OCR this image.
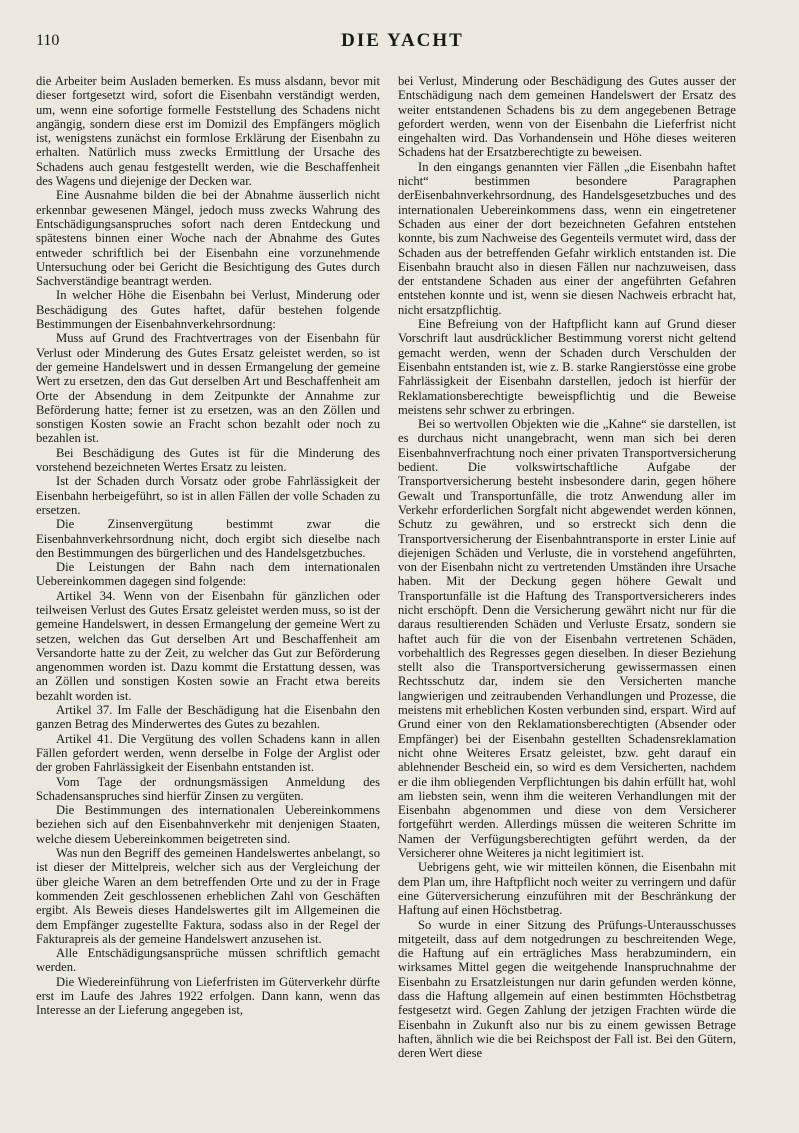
110	DIE YACHT

die Arbeiter beim Ausladen bemerken. Es muss alsdann, bevor mit dieser fortgesetzt wird, sofort die Eisenbahn verständigt werden, um, wenn eine sofortige formelle Feststellung des Schadens nicht angängig, sondern diese erst im Domizil des Empfängers möglich ist, wenigstens zunächst ein formlose Erklärung der Eisenbahn zu erhalten. Natürlich muss zwecks Ermittlung der Ursache des Schadens auch genau festgestellt werden, wie die Beschaffenheit des Wagens und diejenige der Decken war.

Eine Ausnahme bilden die bei der Abnahme äusserlich nicht erkennbar gewesenen Mängel, jedoch muss zwecks Wahrung des Entschädigungsanspruches sofort nach deren Entdeckung und spätestens binnen einer Woche nach der Abnahme des Gutes entweder schriftlich bei der Eisenbahn eine vorzunehmende Untersuchung oder bei Gericht die Besichtigung des Gutes durch Sachverständige beantragt werden.

In welcher Höhe die Eisenbahn bei Verlust, Minderung oder Beschädigung des Gutes haftet, dafür bestehen folgende Bestimmungen der Eisenbahnverkehrsordnung:

Muss auf Grund des Frachtvertrages von der Eisenbahn für Verlust oder Minderung des Gutes Ersatz geleistet werden, so ist der gemeine Handelswert und in dessen Ermangelung der gemeine Wert zu ersetzen, den das Gut derselben Art und Beschaffenheit am Orte der Absendung in dem Zeitpunkte der Annahme zur Beförderung hatte; ferner ist zu ersetzen, was an den Zöllen und sonstigen Kosten sowie an Fracht schon bezahlt oder noch zu bezahlen ist.

Bei Beschädigung des Gutes ist für die Minderung des vorstehend bezeichneten Wertes Ersatz zu leisten.

Ist der Schaden durch Vorsatz oder grobe Fahrlässigkeit der Eisenbahn herbeigeführt, so ist in allen Fällen der volle Schaden zu ersetzen.

Die Zinsenvergütung bestimmt zwar die Eisenbahnverkehrsordnung nicht, doch ergibt sich dieselbe nach den Bestimmungen des bürgerlichen und des Handelsgetzbuches.

Die Leistungen der Bahn nach dem internationalen Uebereinkommen dagegen sind folgende:

Artikel 34. Wenn von der Eisenbahn für gänzlichen oder teilweisen Verlust des Gutes Ersatz geleistet werden muss, so ist der gemeine Handelswert, in dessen Ermangelung der gemeine Wert zu setzen, welchen das Gut derselben Art und Beschaffenheit am Versandorte hatte zu der Zeit, zu welcher das Gut zur Beförderung angenommen worden ist. Dazu kommt die Erstattung dessen, was an Zöllen und sonstigen Kosten sowie an Fracht etwa bereits bezahlt worden ist.

Artikel 37. Im Falle der Beschädigung hat die Eisenbahn den ganzen Betrag des Minderwertes des Gutes zu bezahlen.

Artikel 41. Die Vergütung des vollen Schadens kann in allen Fällen gefordert werden, wenn derselbe in Folge der Arglist oder der groben Fahrlässigkeit der Eisenbahn entstanden ist.

Vom Tage der ordnungsmässigen Anmeldung des Schadensanspruches sind hierfür Zinsen zu vergüten.

Die Bestimmungen des internationalen Uebereinkommens beziehen sich auf den Eisenbahnverkehr mit denjenigen Staaten, welche diesem Uebereinkommen beigetreten sind.

Was nun den Begriff des gemeinen Handelswertes anbelangt, so ist dieser der Mittelpreis, welcher sich aus der Vergleichung der über gleiche Waren an dem betreffenden Orte und zu der in Frage kommenden Zeit geschlossenen erheblichen Zahl von Geschäften ergibt. Als Beweis dieses Handelswertes gilt im Allgemeinen die dem Empfänger zugestellte Faktura, sodass also in der Regel der Fakturapreis als der gemeine Handelswert anzusehen ist.

Alle Entschädigungsansprüche müssen schriftlich gemacht werden.

Die Wiedereinführung von Lieferfristen im Güterverkehr dürfte erst im Laufe des Jahres 1922 erfolgen. Dann kann, wenn das Interesse an der Lieferung angegeben ist,

bei Verlust, Minderung oder Beschädigung des Gutes ausser der Entschädigung nach dem gemeinen Handelswert der Ersatz des weiter entstandenen Schadens bis zu dem angegebenen Betrage gefordert werden, wenn von der Eisenbahn die Lieferfrist nicht eingehalten wird. Das Vorhandensein und Höhe dieses weiteren Schadens hat der Ersatzberechtigte zu beweisen.

In den eingangs genannten vier Fällen „die Eisenbahn haftet nicht“ bestimmen besondere Paragraphen derEisenbahnverkehrsordnung, des Handelsgesetzbuches und des internationalen Uebereinkommens dass, wenn ein eingetretener Schaden aus einer der dort bezeichneten Gefahren entstehen konnte, bis zum Nachweise des Gegenteils vermutet wird, dass der Schaden aus der betreffenden Gefahr wirklich entstanden ist. Die Eisenbahn braucht also in diesen Fällen nur nachzuweisen, dass der entstandene Schaden aus einer der angeführten Gefahren entstehen konnte und ist, wenn sie diesen Nachweis erbracht hat, nicht ersatzpflichtig.

Eine Befreiung von der Haftpflicht kann auf Grund dieser Vorschrift laut ausdrücklicher Bestimmung vorerst nicht geltend gemacht werden, wenn der Schaden durch Verschulden der Eisenbahn entstanden ist, wie z. B. starke Rangierstösse eine grobe Fahrlässigkeit der Eisenbahn darstellen, jedoch ist hierfür der Reklamationsberechtigte beweispflichtig und die Beweise meistens sehr schwer zu erbringen.

Bei so wertvollen Objekten wie die „Kahne“ sie darstellen, ist es durchaus nicht unangebracht, wenn man sich bei deren Eisenbahnverfrachtung noch einer privaten Transportversicherung bedient. Die volkswirtschaftliche Aufgabe der Transportversicherung besteht insbesondere darin, gegen höhere Gewalt und Transportunfälle, die trotz Anwendung aller im Verkehr erforderlichen Sorgfalt nicht abgewendet werden können, Schutz zu gewähren, und so erstreckt sich denn die Transportversicherung der Eisenbahntransporte in erster Linie auf diejenigen Schäden und Verluste, die in vorstehend angeführten, von der Eisenbahn nicht zu vertretenden Umständen ihre Ursache haben. Mit der Deckung gegen höhere Gewalt und Transportunfälle ist die Haftung des Transportversicherers indes nicht erschöpft. Denn die Versicherung gewährt nicht nur für die daraus resultierenden Schäden und Verluste Ersatz, sondern sie haftet auch für die von der Eisenbahn vertretenen Schäden, vorbehaltlich des Regresses gegen dieselben. In dieser Beziehung stellt also die Transportversicherung gewissermassen einen Rechtsschutz dar, indem sie den Versicherten manche langwierigen und zeitraubenden Verhandlungen und Prozesse, die meistens mit erheblichen Kosten verbunden sind, erspart. Wird auf Grund einer von den Reklamationsberechtigten (Absender oder Empfänger) bei der Eisenbahn gestellten Schadensreklamation nicht ohne Weiteres Ersatz geleistet, bzw. geht darauf ein ablehnender Bescheid ein, so wird es dem Versicherten, nachdem er die ihm obliegenden Verpflichtungen bis dahin erfüllt hat, wohl am liebsten sein, wenn ihm die weiteren Verhandlungen mit der Eisenbahn abgenommen und diese von dem Versicherer fortgeführt werden. Allerdings müssen die weiteren Schritte im Namen der Verfügungsberechtigten geführt werden, da der Versicherer ohne Weiteres ja nicht legitimiert ist.

Uebrigens geht, wie wir mitteilen können, die Eisenbahn mit dem Plan um, ihre Haftpflicht noch weiter zu verringern und dafür eine Güterversicherung einzuführen mit der Beschränkung der Haftung auf einen Höchstbetrag.

So wurde in einer Sitzung des Prüfungs-Unterausschusses mitgeteilt, dass auf dem notgedrungen zu beschreitenden Wege, die Haftung auf ein erträgliches Mass herabzumindern, ein wirksames Mittel gegen die weitgehende Inanspruchnahme der Eisenbahn zu Ersatzleistungen nur darin gefunden werden könne, dass die Haftung allgemein auf einen bestimmten Höchstbetrag festgesetzt wird. Gegen Zahlung der jetzigen Frachten würde die Eisenbahn in Zukunft also nur bis zu einem gewissen Betrage haften, ähnlich wie die bei Reichspost der Fall ist. Bei den Gütern, deren Wert diese
